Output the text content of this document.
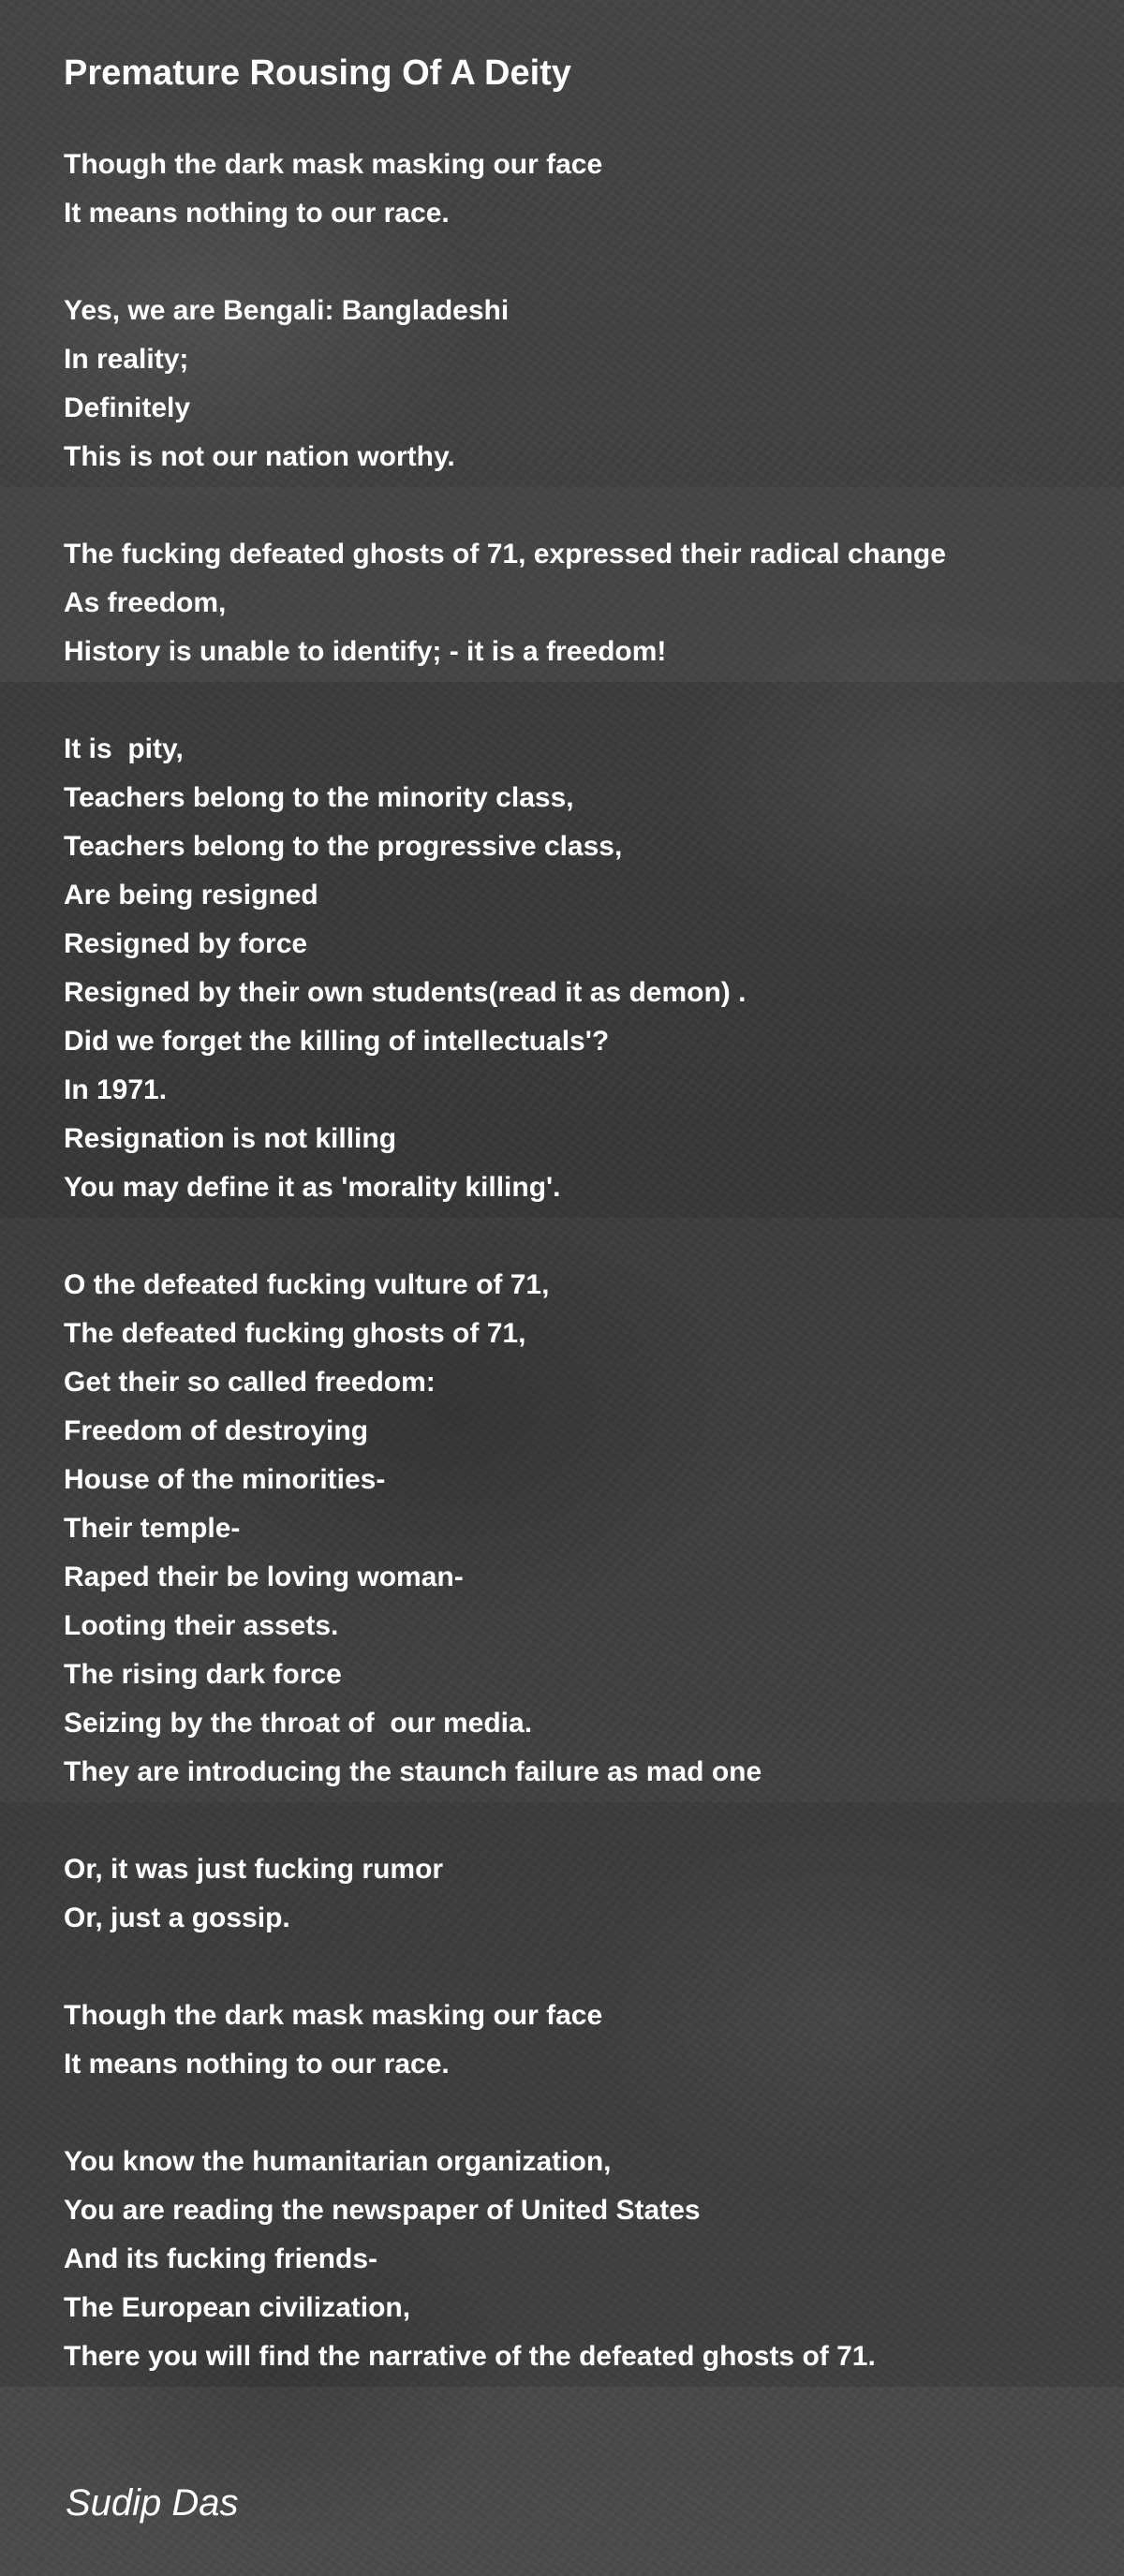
Premature Rousing Of A Deity
Though the dark mask masking our face
It means nothing to our race.
Yes, we are Bengali: Bangladeshi
In reality;
Definitely
This is not our nation worthy.
The fucking defeated ghosts of 71, expressed their radical change
As freedom,
History is unable to identify; - it is a freedom!
It is  pity,
Teachers belong to the minority class,
Teachers belong to the progressive class,
Are being resigned
Resigned by force
Resigned by their own students(read it as demon) .
Did we forget the killing of intellectuals'?
In 1971.
Resignation is not killing
You may define it as 'morality killing'.
O the defeated fucking vulture of 71,
The defeated fucking ghosts of 71,
Get their so called freedom:
Freedom of destroying
House of the minorities-
Their temple-
Raped their be loving woman-
Looting their assets.
The rising dark force
Seizing by the throat of  our media.
They are introducing the staunch failure as mad one
Or, it was just fucking rumor
Or, just a gossip.
Though the dark mask masking our face
It means nothing to our race.
You know the humanitarian organization,
You are reading the newspaper of United States
And its fucking friends-
The European civilization,
There you will find the narrative of the defeated ghosts of 71.

Sudip Das
